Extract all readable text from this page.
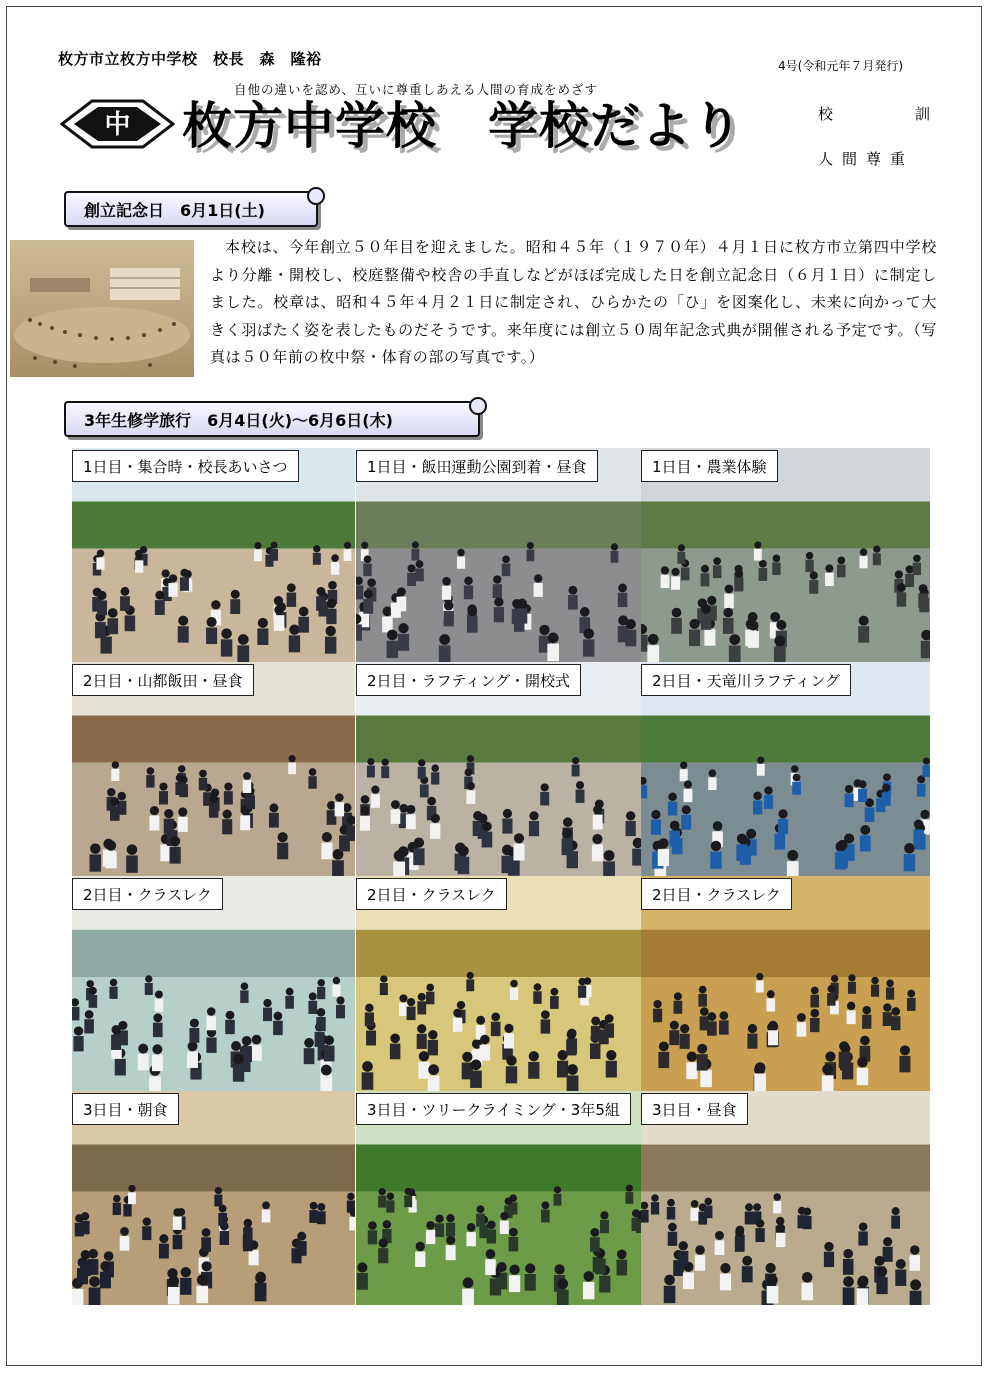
枚方市立枚方中学校　校長　森　隆裕	4号(令和元年７月発行)
自他の違いを認め、互いに尊重しあえる人間の育成をめざす
中 枚方中学校　学校だより	校	訓
人間尊重
創立記念日　6月1日(土)
本校は、今年創立５０年目を迎えました。昭和４５年（１９７０年）４月１日に枚方市立第四中学校より分離・開校し、校庭整備や校舎の手直しなどがほぼ完成した日を創立記念日（６月１日）に制定しました。校章は、昭和４５年４月２１日に制定され、ひらかたの「ひ」を図案化し、未来に向かって大きく羽ばたく姿を表したものだそうです。来年度には創立５０周年記念式典が開催される予定です。（写真は５０年前の枚中祭・体育の部の写真です。）
3年生修学旅行　6月4日(火)～6月6日(木)
1日目・集合時・校長あいさつ	1日目・飯田運動公園到着・昼食	1日目・農業体験
2日目・山都飯田・昼食	2日目・ラフティング・開校式	2日目・天竜川ラフティング
2日目・クラスレク	2日目・クラスレク	2日目・クラスレク
3日目・朝食	3日目・ツリークライミング・3年5組	3日目・昼食
